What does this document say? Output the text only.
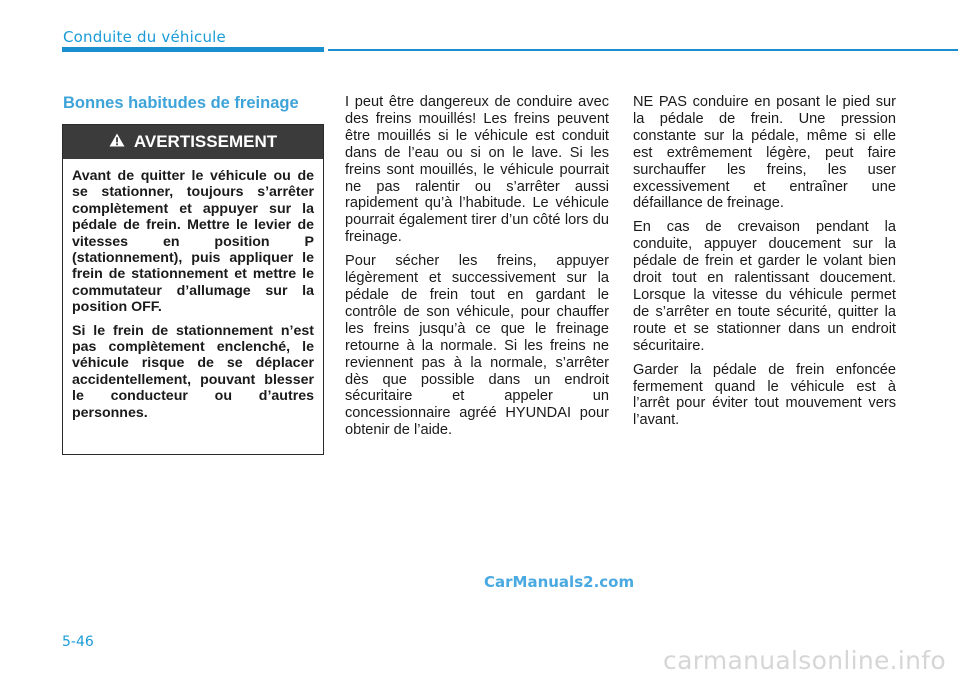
Conduite du véhicule
Bonnes habitudes de freinage
AVERTISSEMENT

Avant de quitter le véhicule ou de se stationner, toujours s’arrêter complètement et appuyer sur la pédale de frein. Mettre le levier de vitesses en position P (stationnement), puis appliquer le frein de stationnement et mettre le commutateur d’allumage sur la position OFF.

Si le frein de stationnement n’est pas complètement enclenché, le véhicule risque de se déplacer accidentellement, pouvant blesser le conducteur ou d’autres personnes.

I peut être dangereux de conduire avec des freins mouillés! Les freins peuvent être mouillés si le véhicule est conduit dans de l’eau ou si on le lave. Si les freins sont mouillés, le véhicule pourrait ne pas ralentir ou s’arrêter aussi rapidement qu’à l’habitude. Le véhicule pourrait également tirer d’un côté lors du freinage.

Pour sécher les freins, appuyer légèrement et successivement sur la pédale de frein tout en gardant le contrôle de son véhicule, pour chauffer les freins jusqu’à ce que le freinage retourne à la normale. Si les freins ne reviennent pas à la normale, s’arrêter dès que possible dans un endroit sécuritaire et appeler un concessionnaire agréé HYUNDAI pour obtenir de l’aide.

NE PAS conduire en posant le pied sur la pédale de frein. Une pression constante sur la pédale, même si elle est extrêmement légère, peut faire surchauffer les freins, les user excessivement et entraîner une défaillance de freinage.

En cas de crevaison pendant la conduite, appuyer doucement sur la pédale de frein et garder le volant bien droit tout en ralentissant doucement. Lorsque la vitesse du véhicule permet de s’arrêter en toute sécurité, quitter la route et se stationner dans un endroit sécuritaire.

Garder la pédale de frein enfoncée fermement quand le véhicule est à l’arrêt pour éviter tout mouvement vers l’avant.

CarManuals2.com
5-46
carmanualsonline.info
